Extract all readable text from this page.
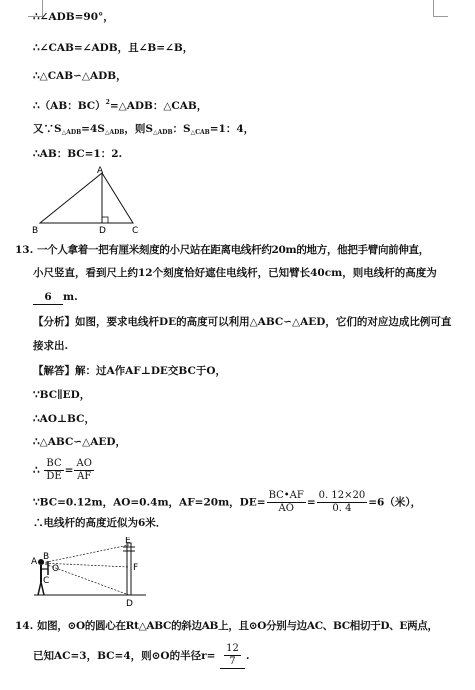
∴∠ADB=90°，
∴∠CAB=∠ADB，且∠B=∠B，
∴△CAB∽△ADB，
∴（AB：BC）$^2$=△ADB：△CAB，
又$\because S_{\triangle ADB}=4S_{\triangle ADB}$，则$S_{\triangle ADB}$：$S_{\triangle CAB}=1$：4，
∴AB：BC=1：2.
A
B	D	C
13. 一个人拿着一把有厘米刻度的小尺站在距离电线杆约20m的地方，他把手臂向前伸直，
小尺竖直，看到尺上约12个刻度恰好遮住电线杆，已知臂长40cm，则电线杆的高度为
6 m.
【分析】如图，要求电线杆DE的高度可以利用△ABC∽△AED，它们的对应边成比例可直
接求出.
【解答】解：过A作AF⊥DE交BC于O，
∵BC∥ED，
∴AO⊥BC，
∴△ABC∽△AED，
∴ $\frac{BC}{DE} = \frac{AO}{AF}$
∵BC=0.12m，AO=0.4m，AF=20m，$DE= \frac{BC•AF}{AO} = \frac{0. 12\times 20}{0. 4} =6$（米），
∴电线杆的高度近似为6米．
E
A B
O	F
C
D
14. 如图，⊙O的圆心在Rt△ABC的斜边AB上，且⊙O分别与边AC、BC相切于D、E两点，
已知AC=3，BC=4，则⊙O的半径$r= \frac{12}{7}$ .
